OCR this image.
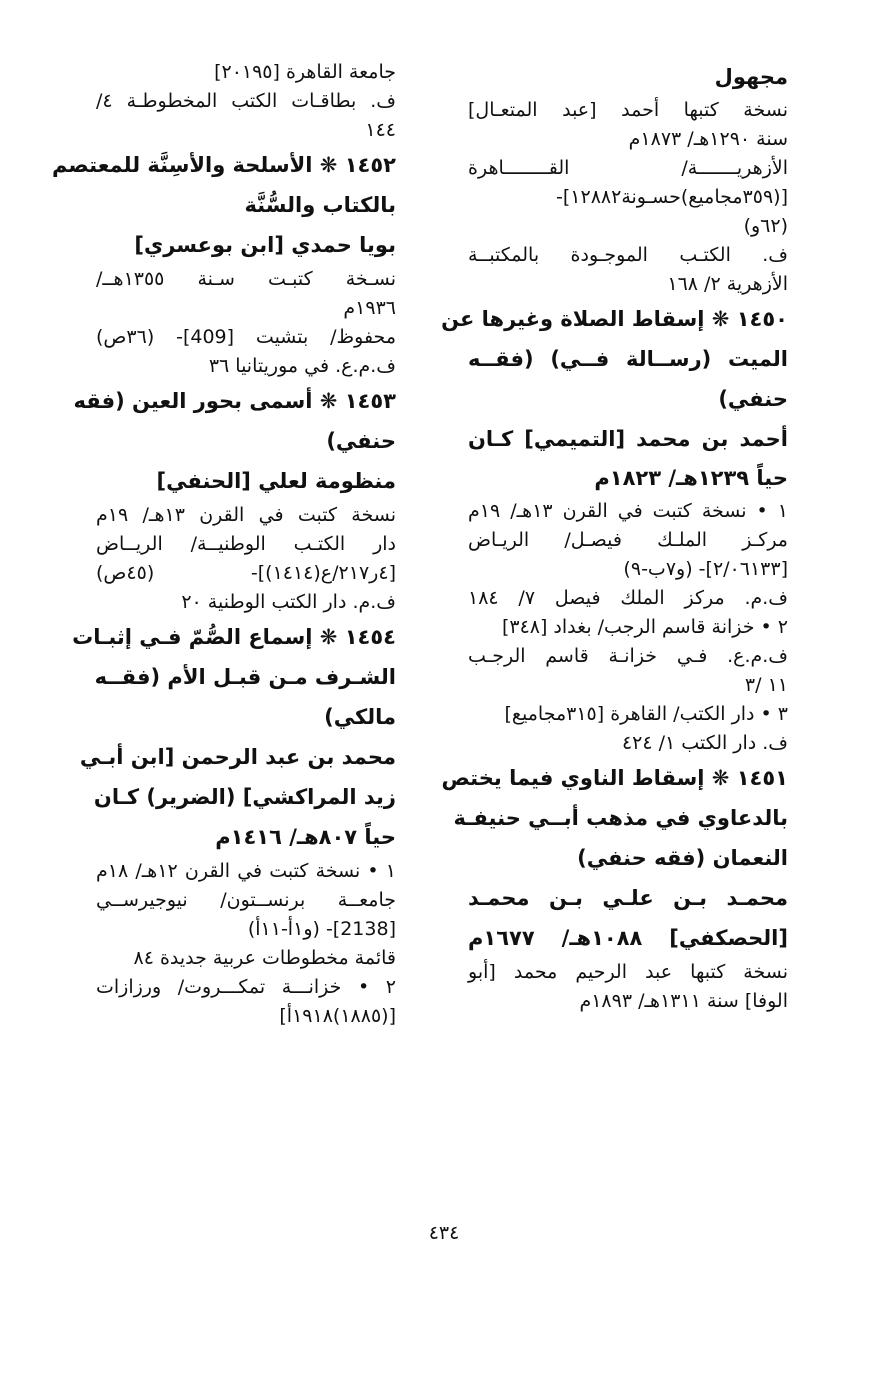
مجهول
نسخة كتبها أحمد [عبد المتعـال]
سنة ١٢٩٠هـ/ ١٨٧٣م
الأزهريـــــــة/ القــــــــاهرة
[(٣٥٩مجاميع)حسـونة١٢٨٨٢]-
(٦٢و)
ف. الكتـب الموجـودة بالمكتبــة
الأزهرية ٢/ ١٦٨
١٤٥٠ ❋ إسقاط الصلاة وغيرها عن
الميت (رســالة فــي) (فقــه
حنفي)
أحمد بن محمد [التميمي] كـان
حياً ١٢٣٩هـ/ ١٨٢٣م
١ • نسخة كتبت في القرن ١٣هـ/ ١٩م
مركـز الملـك فيصـل/ الريـاض
[٢/٠٦١٣٣]- (و٧ب-٩)
ف.م. مركز الملك فيصل ٧/ ١٨٤
٢ • خزانة قاسم الرجب/ بغداد [٣٤٨]
ف.م.ع. فـي خزانـة قاسم الرجـب
١١ /٣
٣ • دار الكتب/ القاهرة [٣١٥مجاميع]
ف. دار الكتب ١/ ٤٢٤
١٤٥١ ❋ إسقاط الناوي فيما يختص
بالدعاوي في مذهب أبــي حنيفـة
النعمان (فقه حنفي)
محمـد بـن علـي بـن محمـد
[الحصكفي] ١٠٨٨هـ/ ١٦٧٧م
نسخة كتبها عبد الرحيم محمد [أبو
الوفا] سنة ١٣١١هـ/ ١٨٩٣م
جامعة القاهرة [٢٠١٩٥]
ف. بطاقـات الكتب المخطوطـة ٤/
١٤٤
١٤٥٢ ❋ الأسلحة والأسِنَّة للمعتصم
بالكتاب والسُّنَّة
بويا حمدي [ابن بوعسري]
نسـخة كتبـت سـنة ١٣٥٥هــ/
١٩٣٦م
محفوظ/ بتشيت [409]- (٣٦ص)
ف.م.ع. في موريتانيا ٣٦
١٤٥٣ ❋ أسمى بحور العين (فقه
حنفي)
منظومة لعلي [الحنفي]
نسخة كتبت في القرن ١٣هـ/ ١٩م
دار الكتـب الوطنيــة/ الريــاض
[٤ر٢١٧/ع(١٤١٤)]- (٤٥ص)
ف.م. دار الكتب الوطنية ٢٠
١٤٥٤ ❋ إسماع الصُّمّ فـي إثبـات
الشـرف مـن قبـل الأم (فقــه
مالكي)
محمد بن عبد الرحمن [ابن أبـي
زيد المراكشي] (الضرير) كـان
حياً ٨٠٧هـ/ ١٤١٦م
١ • نسخة كتبت في القرن ١٢هـ/ ١٨م
جامعــة برنســتون/ نيوجيرســي
[2138]- (و١أ-١١أ)
قائمة مخطوطات عربية جديدة ٨٤
٢ • خزانـــة تمكـــروت/ ورزازات
[(١٨٨٥)١٩١٨أ]
٤٣٤
